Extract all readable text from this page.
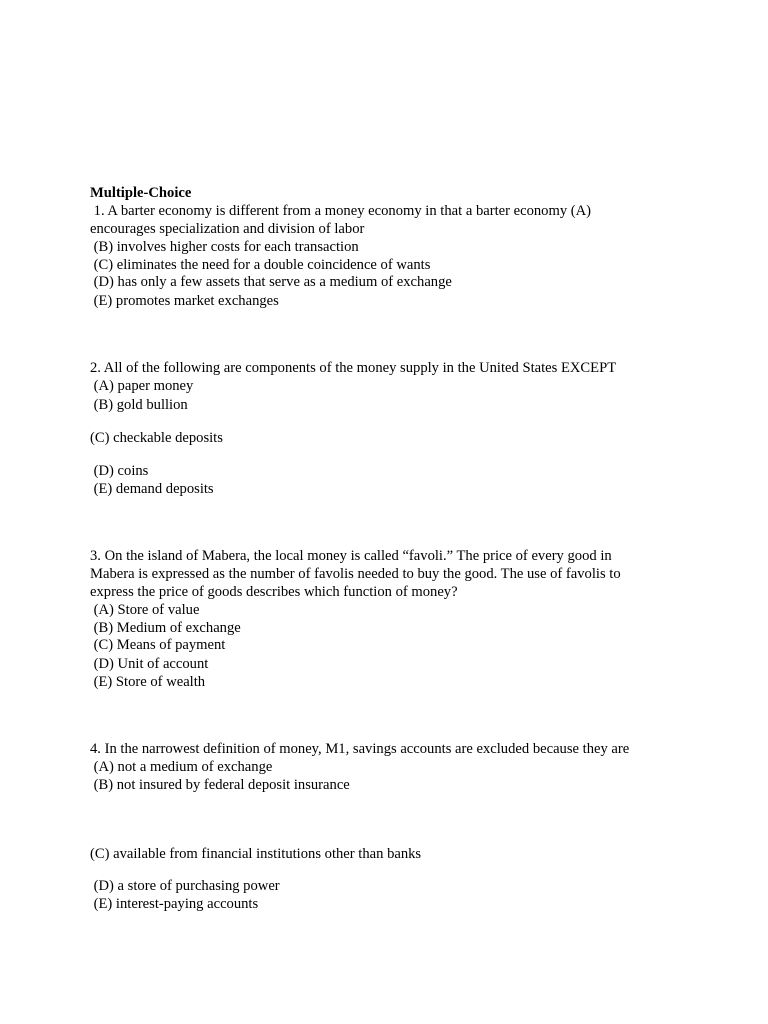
Multiple-Choice
1. A barter economy is different from a money economy in that a barter economy (A)
encourages specialization and division of labor
(B) involves higher costs for each transaction
(C) eliminates the need for a double coincidence of wants
(D) has only a few assets that serve as a medium of exchange
(E) promotes market exchanges
2. All of the following are components of the money supply in the United States EXCEPT
(A) paper money
(B) gold bullion
(C) checkable deposits
(D) coins
(E) demand deposits
3. On the island of Mabera, the local money is called “favoli.” The price of every good in
Mabera is expressed as the number of favolis needed to buy the good. The use of favolis to
express the price of goods describes which function of money?
(A) Store of value
(B) Medium of exchange
(C) Means of payment
(D) Unit of account
(E) Store of wealth
4. In the narrowest definition of money, M1, savings accounts are excluded because they are
(A) not a medium of exchange
(B) not insured by federal deposit insurance
(C) available from financial institutions other than banks
(D) a store of purchasing power
(E) interest-paying accounts
